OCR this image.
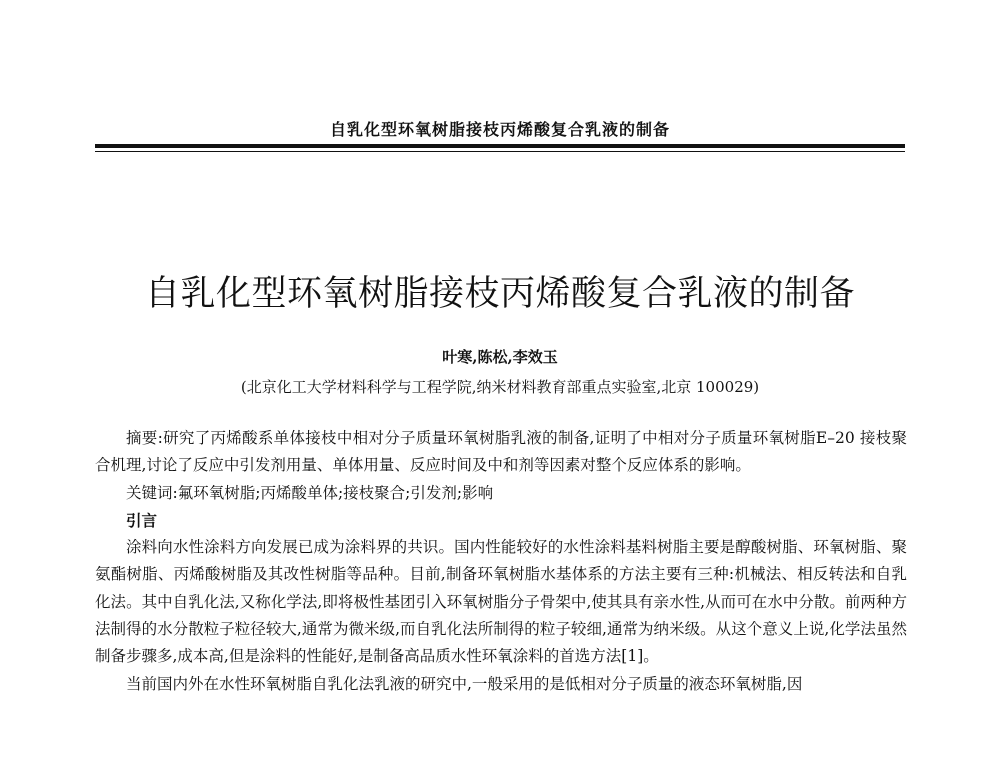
自乳化型环氧树脂接枝丙烯酸复合乳液的制备
自乳化型环氧树脂接枝丙烯酸复合乳液的制备
叶寒,陈松,李效玉
(北京化工大学材料科学与工程学院,纳米材料教育部重点实验室,北京 100029)

摘要:研究了丙烯酸系单体接枝中相对分子质量环氧树脂乳液的制备,证明了中相对分子质量环氧树脂E–20 接枝聚合机理,讨论了反应中引发剂用量、单体用量、反应时间及中和剂等因素对整个反应体系的影响。

关键词:氟环氧树脂;丙烯酸单体;接枝聚合;引发剂;影响

引言

涂料向水性涂料方向发展已成为涂料界的共识。国内性能较好的水性涂料基料树脂主要是醇酸树脂、环氧树脂、聚氨酯树脂、丙烯酸树脂及其改性树脂等品种。目前,制备环氧树脂水基体系的方法主要有三种:机械法、相反转法和自乳化法。其中自乳化法,又称化学法,即将极性基团引入环氧树脂分子骨架中,使其具有亲水性,从而可在水中分散。前两种方法制得的水分散粒子粒径较大,通常为微米级,而自乳化法所制得的粒子较细,通常为纳米级。从这个意义上说,化学法虽然制备步骤多,成本高,但是涂料的性能好,是制备高品质水性环氧涂料的首选方法[1]。

当前国内外在水性环氧树脂自乳化法乳液的研究中,一般采用的是低相对分子质量的液态环氧树脂,因
